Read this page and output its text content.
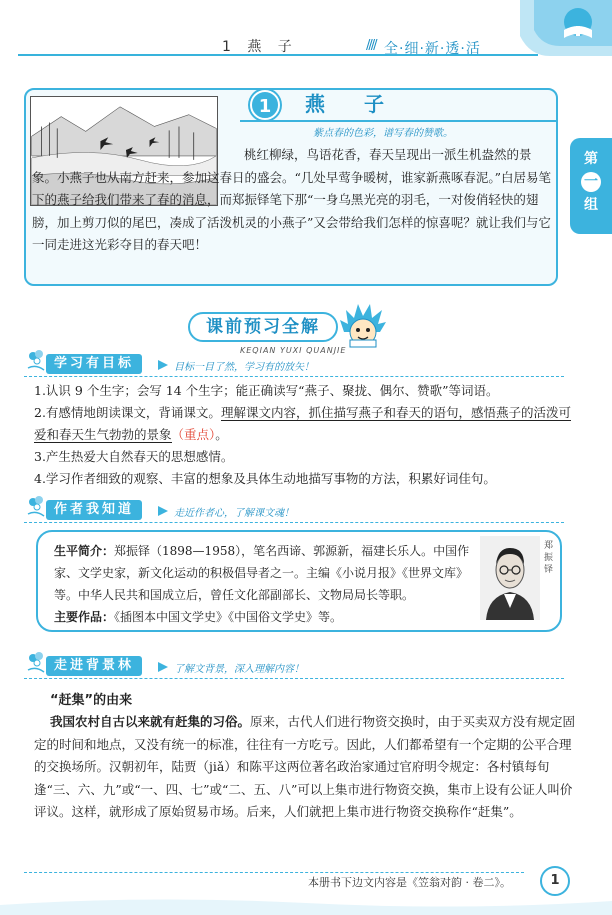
1 燕 子	//// 全·细·新·透·活
第
一
组
1	燕 子
紫点春的色彩，谱写春的赞歌。

桃红柳绿，鸟语花香，春天呈现出一派生机盎然的景象。小燕子也从南方赶来，参加这春日的盛会。“几处早莺争暖树，谁家新燕啄春泥。”白居易笔下的燕子给我们带来了春的消息，而郑振铎笔下那“一身乌黑光亮的羽毛，一对俊俏轻快的翅膀，加上剪刀似的尾巴，凑成了活泼机灵的小燕子”又会带给我们怎样的惊喜呢？就让我们与它一同走进这光彩夺目的春天吧！

课前预习全解
KEQIAN YUXI QUANJIE
学习有目标	目标一目了然，学习有的放矢！

1.认识 9 个生字；会写 14 个生字；能正确读写“燕子、聚拢、偶尔、赞歌”等词语。

2.有感情地朗读课文，背诵课文。理解课文内容，抓住描写燕子和春天的语句，感悟燕子的活泼可爱和春天生气勃勃的景象（重点）。

3.产生热爱大自然春天的思想感情。

4.学习作者细致的观察、丰富的想象及具体生动地描写事物的方法，积累好词佳句。

作者我知道	走近作者心，了解课文魂！

生平简介：郑振铎（1898—1958），笔名西谛、郭源新，福建长乐人。中国作家、文学史家，新文化运动的积极倡导者之一。主编《小说月报》《世界文库》等。中华人民共和国成立后，曾任文化部副部长、文物局局长等职。

主要作品：《插图本中国文学史》《中国俗文学史》等。

郑振铎
走进背景林	了解文背景，深入理解内容！
“赶集”的由来

我国农村自古以来就有赶集的习俗。原来，古代人们进行物资交换时，由于买卖双方没有规定固定的时间和地点，又没有统一的标准，往往有一方吃亏。因此，人们都希望有一个定期的公平合理的交换场所。汉朝初年，陆贾（jiǎ）和陈平这两位著名政治家通过官府明令规定：各村镇每旬逢“三、六、九”或“一、四、七”或“二、五、八”可以上集市进行物资交换，集市上设有公证人叫价评议。这样，就形成了原始贸易市场。后来，人们就把上集市进行物资交换称作“赶集”。

本册书下边文内容是《笠翁对韵 · 卷二》。	1
